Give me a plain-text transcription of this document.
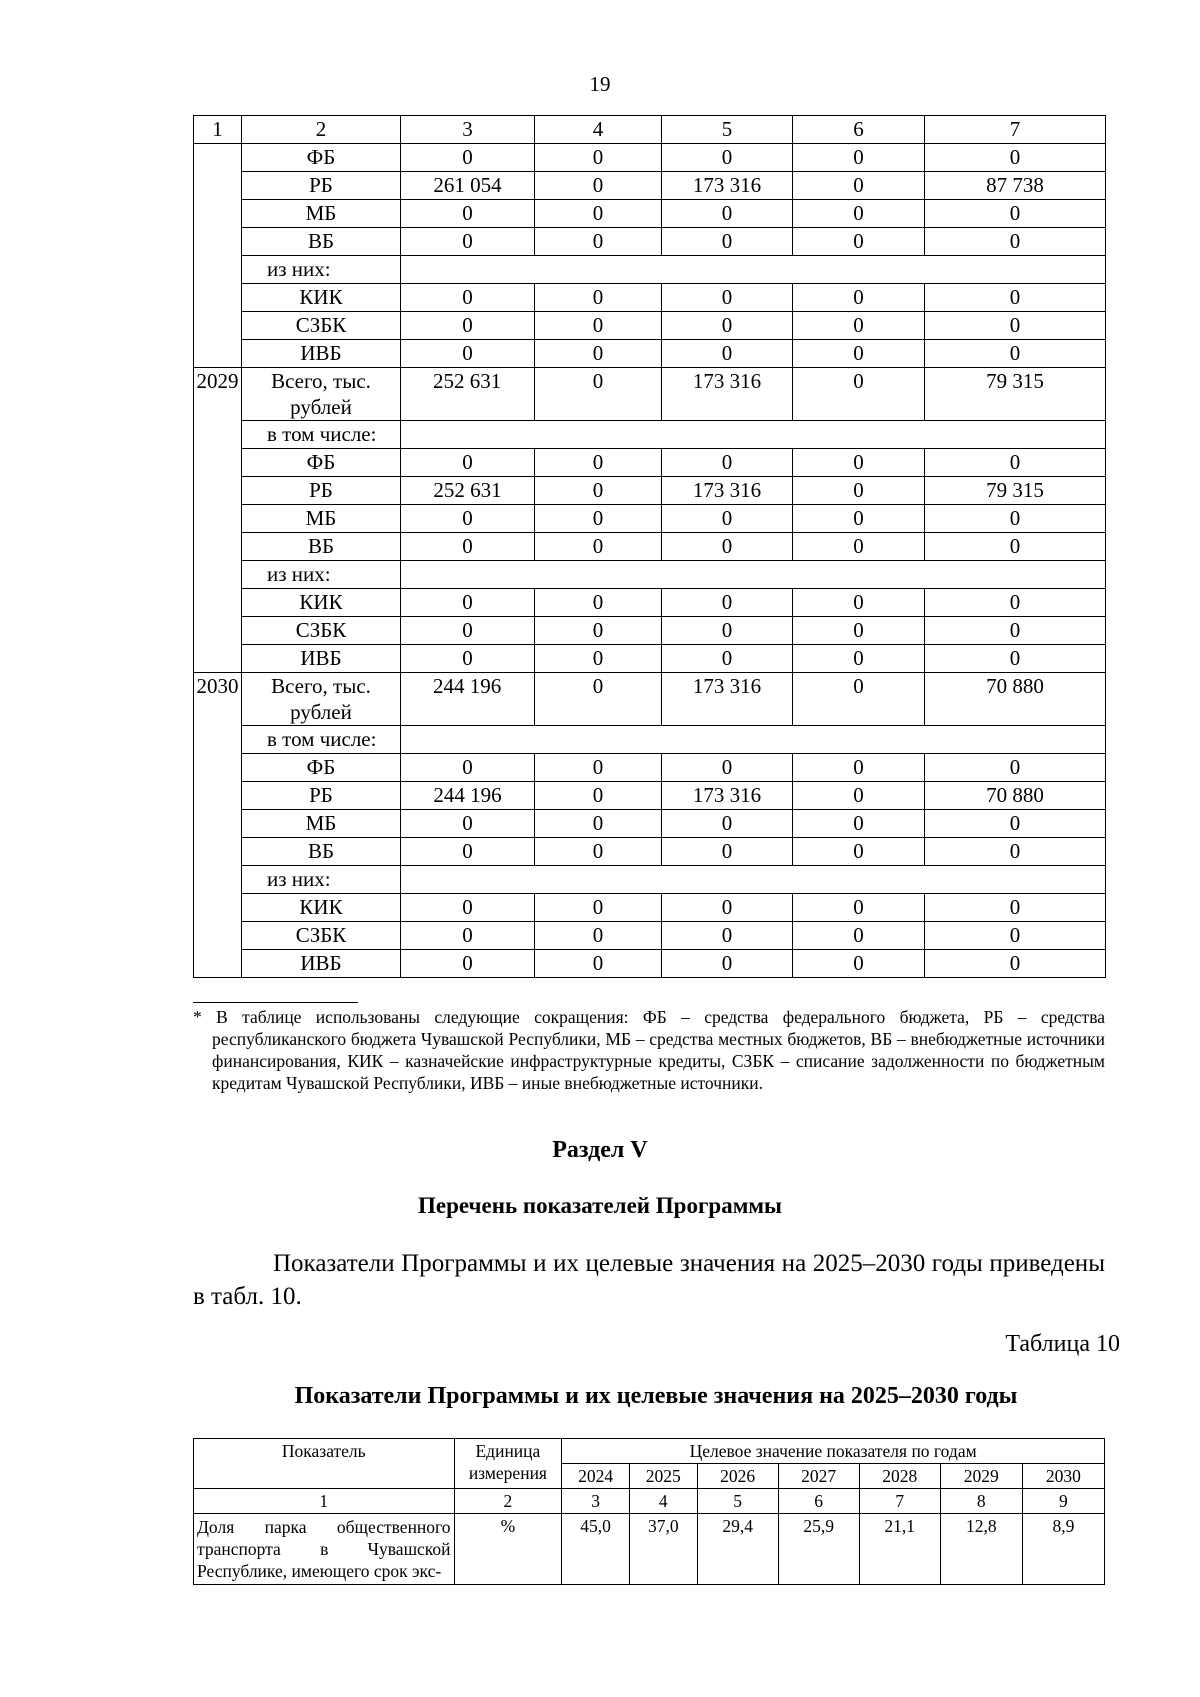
19
1	2	3	4	5	6	7
	ФБ	0	0	0	0	0
	РБ	261 054	0	173 316	0	87 738
	МБ	0	0	0	0	0
	ВБ	0	0	0	0	0
	из них:					
	КИК	0	0	0	0	0
	СЗБК	0	0	0	0	0
	ИВБ	0	0	0	0	0
2029	Всего, тыс. рублей	252 631	0	173 316	0	79 315
	в том числе:					
	ФБ	0	0	0	0	0
	РБ	252 631	0	173 316	0	79 315
	МБ	0	0	0	0	0
	ВБ	0	0	0	0	0
	из них:					
	КИК	0	0	0	0	0
	СЗБК	0	0	0	0	0
	ИВБ	0	0	0	0	0
2030	Всего, тыс. рублей	244 196	0	173 316	0	70 880
	в том числе:					
	ФБ	0	0	0	0	0
	РБ	244 196	0	173 316	0	70 880
	МБ	0	0	0	0	0
	ВБ	0	0	0	0	0
	из них:					
	КИК	0	0	0	0	0
	СЗБК	0	0	0	0	0
	ИВБ	0	0	0	0	0
* В таблице использованы следующие сокращения: ФБ – средства федерального бюджета, РБ – средства республиканского бюджета Чувашской Республики, МБ – средства местных бюджетов, ВБ – внебюджетные источники финансирования, КИК – казначейские инфраструктурные кредиты, СЗБК – списание задолженности по бюджетным кредитам Чувашской Республики, ИВБ – иные внебюджетные источники.
Раздел V
Перечень показателей Программы
Показатели Программы и их целевые значения на 2025–2030 годы приведены в табл. 10.
Таблица 10
Показатели Программы и их целевые значения на 2025–2030 годы
Показатель	Единица измерения	Целевое значение показателя по годам						
		2024	2025	2026	2027	2028	2029	2030
1	2	3	4	5	6	7	8	9
Доля парка общественного транспорта в Чувашской Республике, имеющего срок экс-	%	45,0	37,0	29,4	25,9	21,1	12,8	8,9
